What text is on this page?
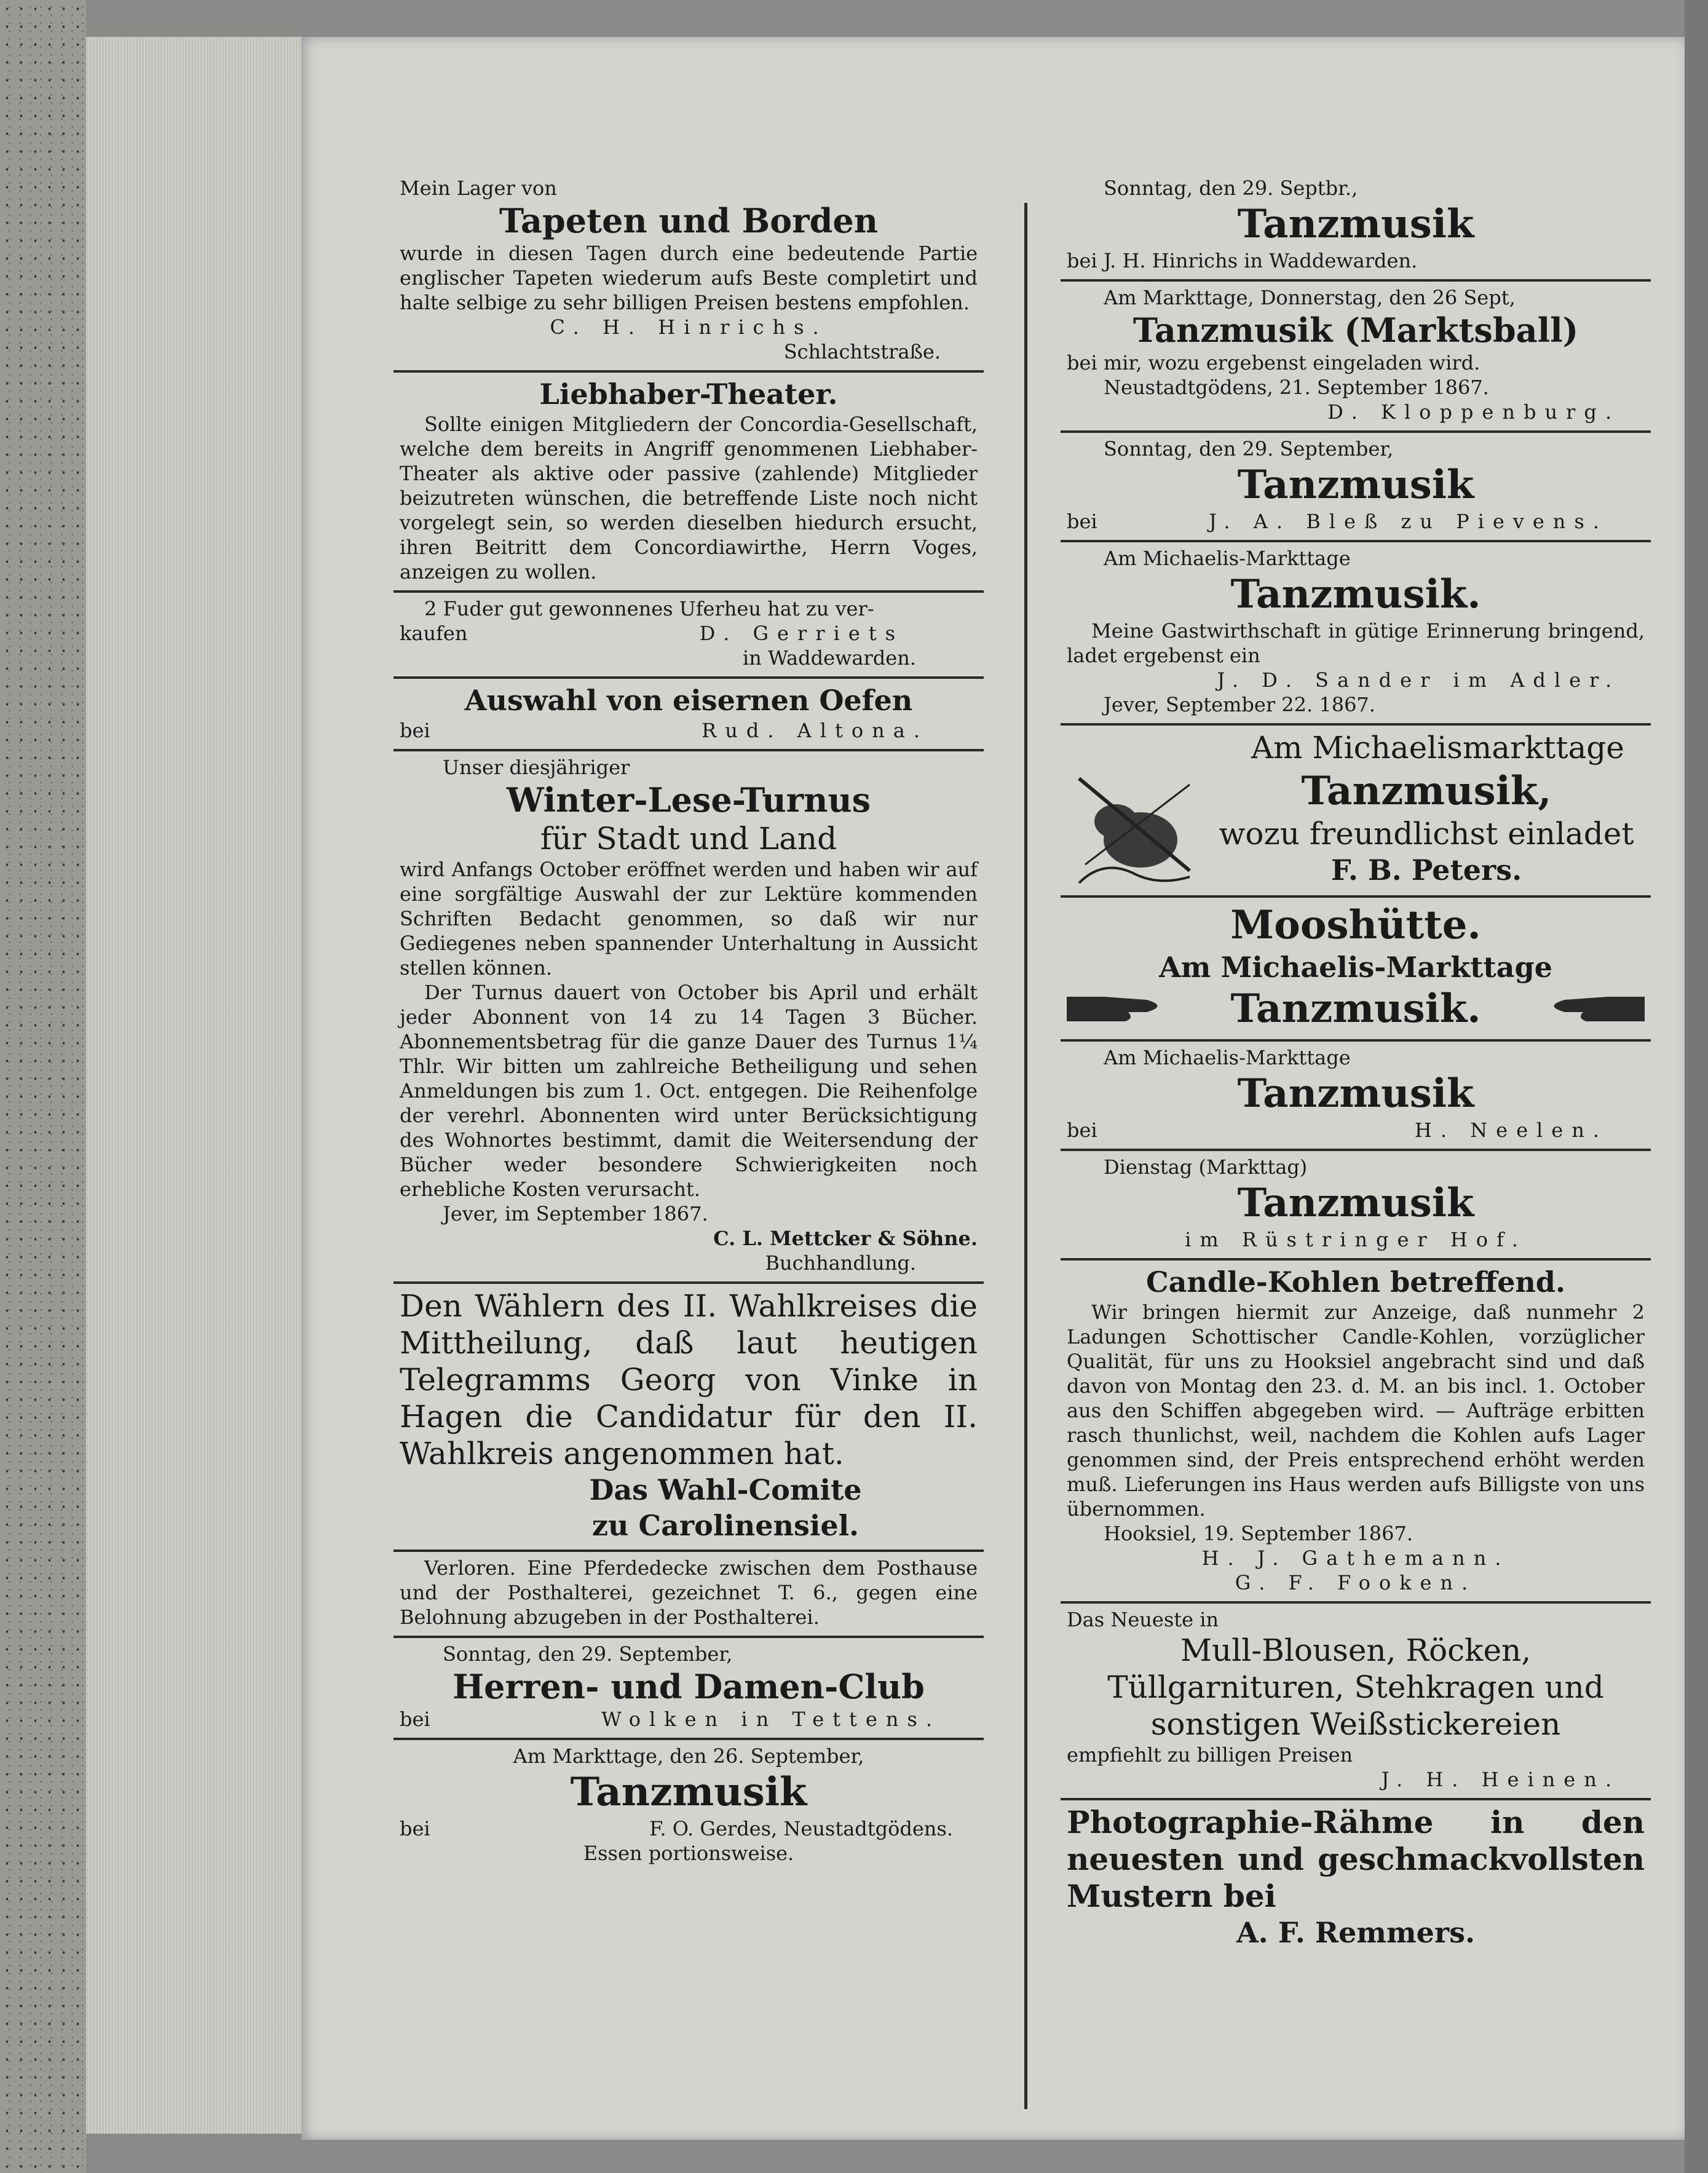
Mein Lager von

Tapeten und Borden

wurde in diesen Tagen durch eine bedeutende Partie englischer Tapeten wiederum aufs Beste completirt und halte selbige zu sehr billigen Preisen bestens empfohlen.

C. H. Hinrichs.

Schlachtstraße.

Liebhaber-Theater.

Sollte einigen Mitgliedern der Concordia-Gesellschaft, welche dem bereits in Angriff genommenen Liebhaber-Theater als aktive oder passive (zahlende) Mitglieder beizutreten wünschen, die betreffende Liste noch nicht vorgelegt sein, so werden dieselben hiedurch ersucht, ihren Beitritt dem Concordiawirthe, Herrn Voges, anzeigen zu wollen.

2 Fuder gut gewonnenes Uferheu hat zu ver-

kaufen	D. Gerriets

in Waddewarden.

Auswahl von eisernen Oefen

bei	Rud. Altona.

Unser diesjähriger

Winter-Lese-Turnus

für Stadt und Land

wird Anfangs October eröffnet werden und haben wir auf eine sorgfältige Auswahl der zur Lektüre kommenden Schriften Bedacht genommen, so daß wir nur Gediegenes neben spannender Unterhaltung in Aussicht stellen können.

Der Turnus dauert von October bis April und erhält jeder Abonnent von 14 zu 14 Tagen 3 Bücher. Abonnementsbetrag für die ganze Dauer des Turnus 1¼ Thlr. Wir bitten um zahlreiche Betheiligung und sehen Anmeldungen bis zum 1. Oct. entgegen. Die Reihenfolge der verehrl. Abonnenten wird unter Berücksichtigung des Wohnortes bestimmt, damit die Weitersendung der Bücher weder besondere Schwierigkeiten noch erhebliche Kosten verursacht.

Jever, im September 1867.

C. L. Mettcker & Söhne.

Buchhandlung.

Den Wählern des II. Wahlkreises die Mittheilung, daß laut heutigen Telegramms Georg von Vinke in Hagen die Candidatur für den II. Wahlkreis angenommen hat.

Das Wahl-Comite

zu Carolinensiel.

Verloren. Eine Pferdedecke zwischen dem Posthause und der Posthalterei, gezeichnet T. 6., gegen eine Belohnung abzugeben in der Posthalterei.

Sonntag, den 29. September,

Herren- und Damen-Club

bei	Wolken in Tettens.

Am Markttage, den 26. September,

Tanzmusik

bei	F. O. Gerdes, Neustadtgödens.

Essen portionsweise.

Sonntag, den 29. Septbr.,

Tanzmusik

bei J. H. Hinrichs in Waddewarden.

Am Markttage, Donnerstag, den 26 Sept,

Tanzmusik (Marktsball)

bei mir, wozu ergebenst eingeladen wird.

Neustadtgödens, 21. September 1867.

D. Kloppenburg.

Sonntag, den 29. September,

Tanzmusik

bei	J. A. Bleß zu Pievens.

Am Michaelis-Markttage

Tanzmusik.

Meine Gastwirthschaft in gütige Erinnerung bringend, ladet ergebenst ein

J. D. Sander im Adler.

Jever, September 22. 1867.

Am Michaelismarkttage

Tanzmusik,

wozu freundlichst einladet

F. B. Peters.

Mooshütte.

Am Michaelis-Markttage

Tanzmusik.

Am Michaelis-Markttage

Tanzmusik

bei	H. Neelen.

Dienstag (Markttag)

Tanzmusik

im Rüstringer Hof.

Candle-Kohlen betreffend.

Wir bringen hiermit zur Anzeige, daß nunmehr 2 Ladungen Schottischer Candle-Kohlen, vorzüglicher Qualität, für uns zu Hooksiel angebracht sind und daß davon von Montag den 23. d. M. an bis incl. 1. October aus den Schiffen abgegeben wird. — Aufträge erbitten rasch thunlichst, weil, nachdem die Kohlen aufs Lager genommen sind, der Preis entsprechend erhöht werden muß. Lieferungen ins Haus werden aufs Billigste von uns übernommen.

Hooksiel, 19. September 1867.

H. J. Gathemann.

G. F. Fooken.

Das Neueste in

Mull-Blousen, Röcken, Tüllgarnituren, Stehkragen und sonstigen Weißstickereien

empfiehlt zu billigen Preisen

J. H. Heinen.

Photographie-Rähme in den neuesten und geschmackvollsten Mustern bei

A. F. Remmers.
